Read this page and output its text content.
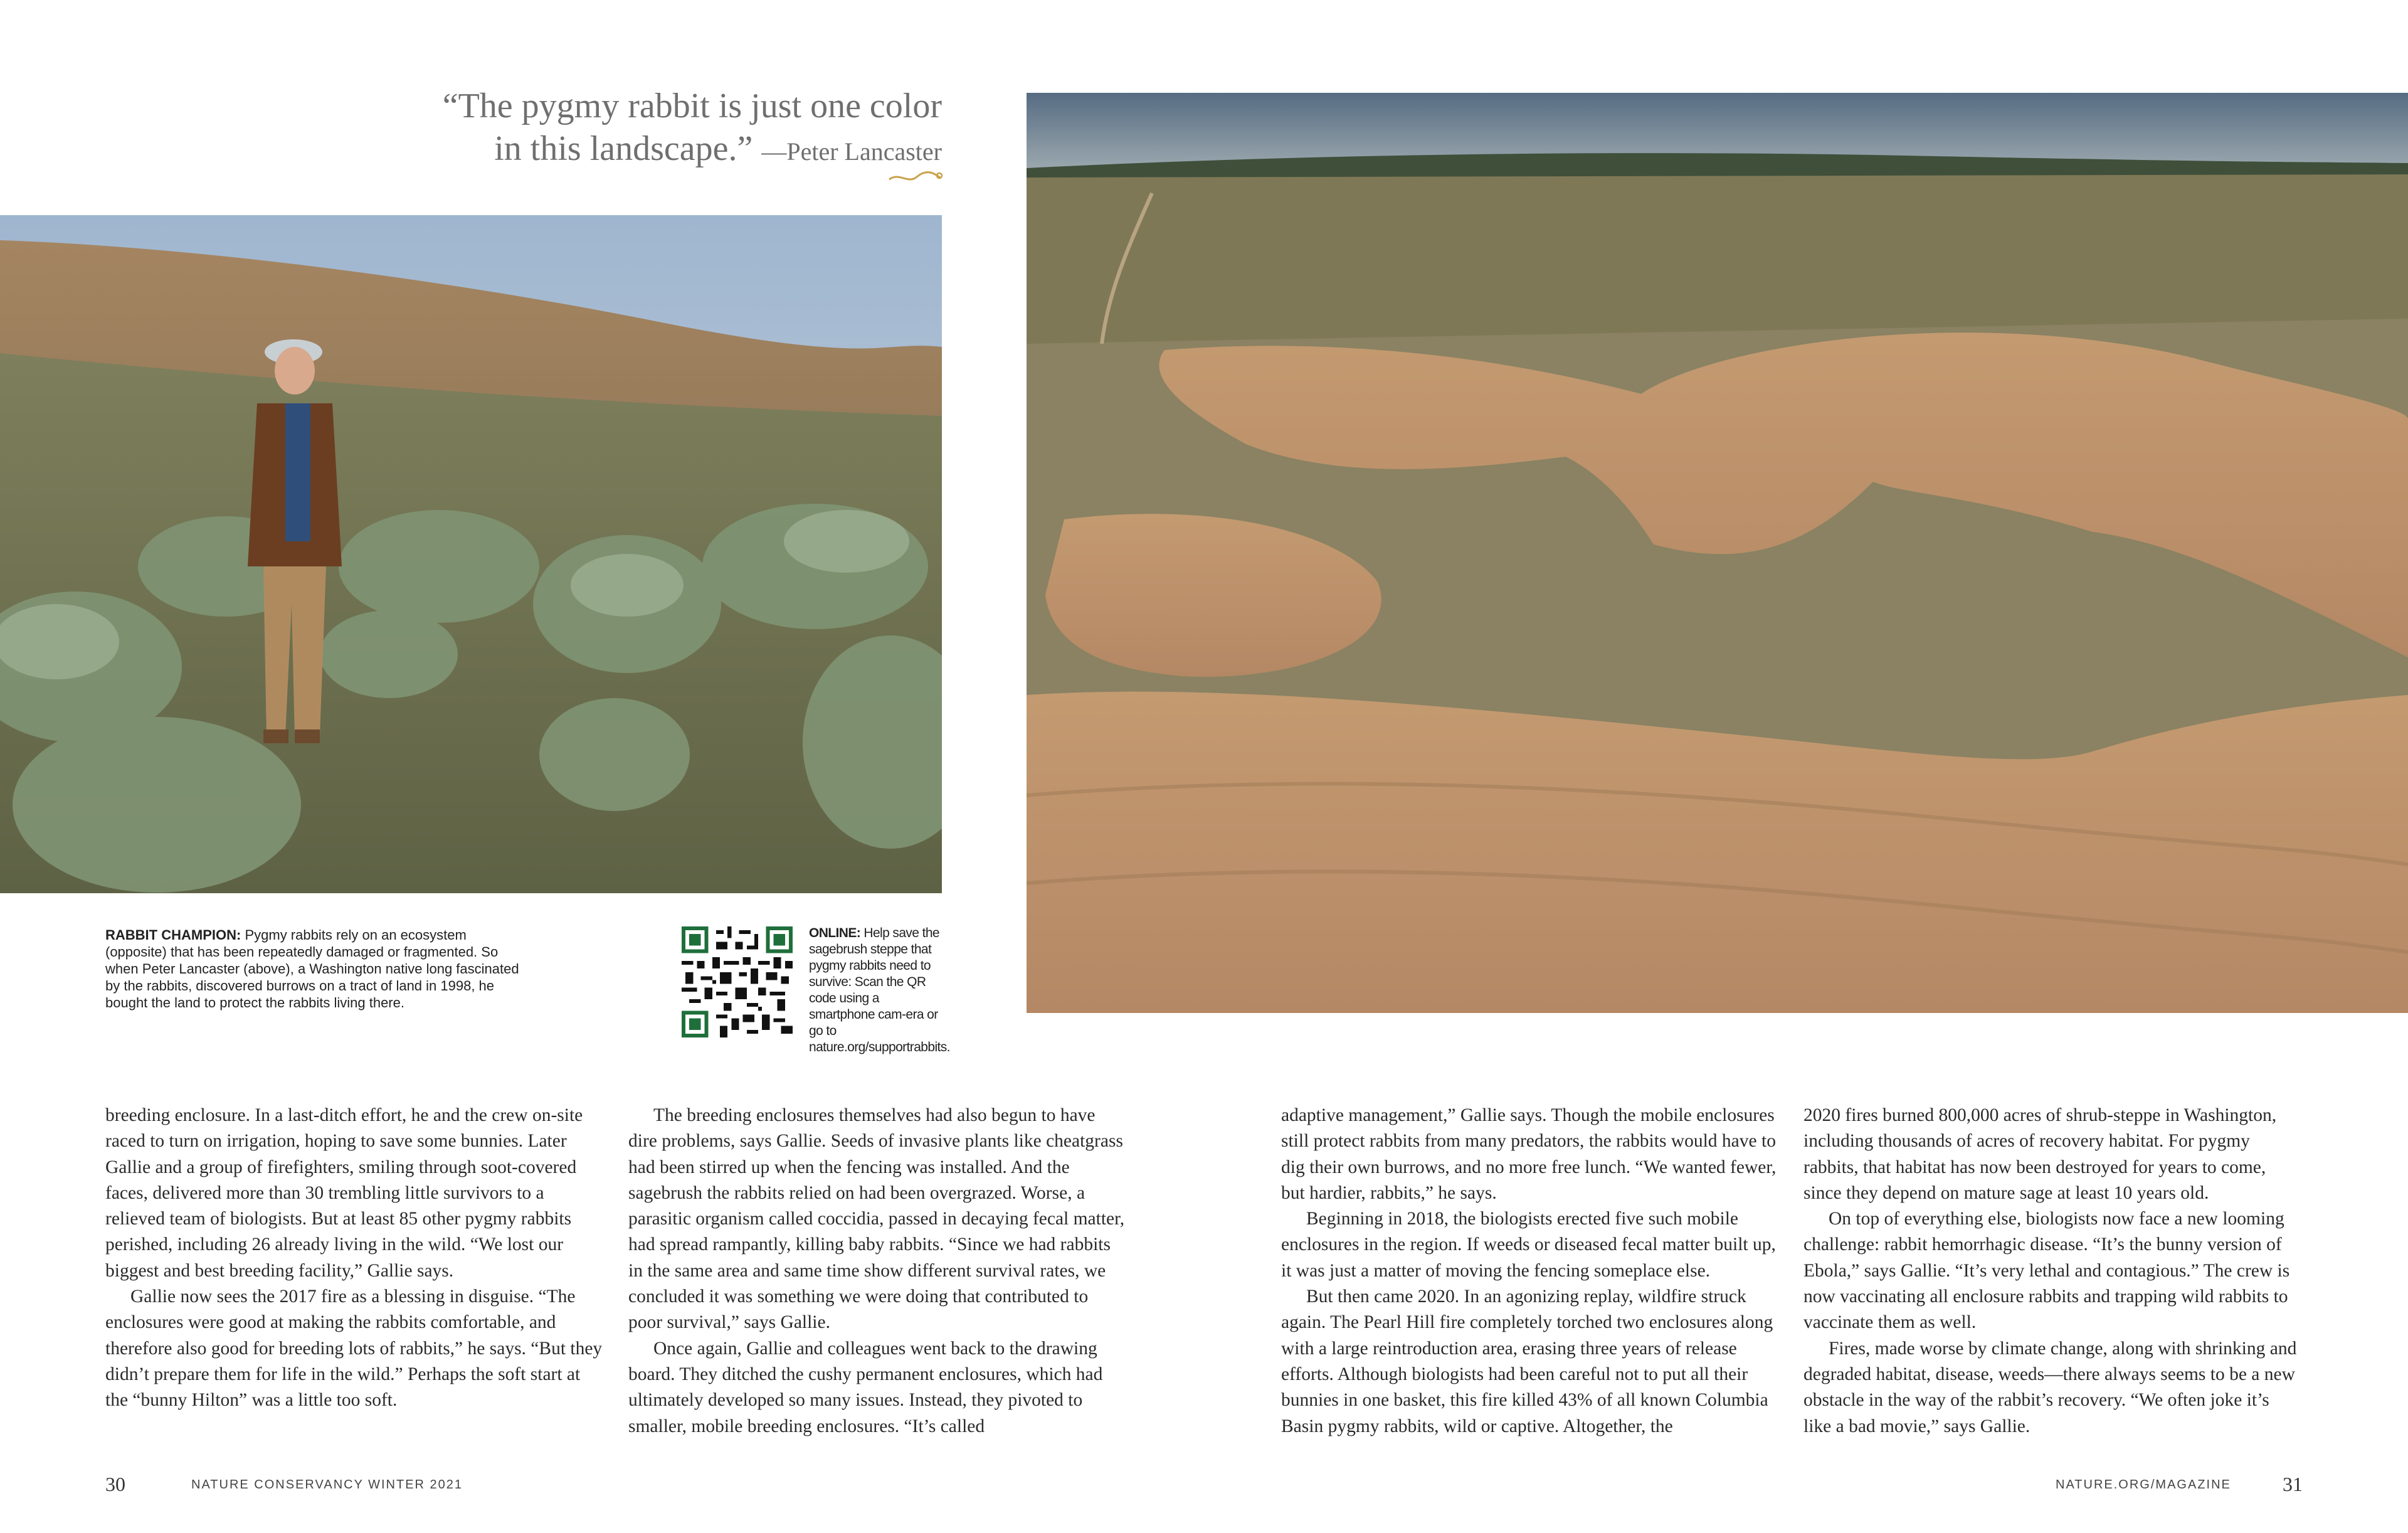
“The pygmy rabbit is just one color
in this landscape.” —Peter Lancaster
RABBIT CHAMPION: Pygmy rabbits rely on an ecosystem (opposite) that has been repeatedly damaged or fragmented. So when Peter Lancaster (above), a Washington native long fascinated by the rabbits, discovered burrows on a tract of land in 1998, he bought the land to protect the rabbits living there.
ONLINE: Help save the sagebrush steppe that pygmy rabbits need to survive: Scan the QR code using a smartphone cam-era or go to nature.org/supportrabbits.

breeding enclosure. In a last-ditch effort, he and the crew on-site raced to turn on irrigation, hoping to save some bunnies. Later Gallie and a group of firefighters, smiling through soot-covered faces, delivered more than 30 trembling little survivors to a relieved team of biologists. But at least 85 other pygmy rabbits perished, including 26 already living in the wild. “We lost our biggest and best breeding facility,” Gallie says.

Gallie now sees the 2017 fire as a blessing in disguise. “The enclosures were good at making the rabbits comfortable, and therefore also good for breeding lots of rabbits,” he says. “But they didn’t prepare them for life in the wild.” Perhaps the soft start at the “bunny Hilton” was a little too soft.

The breeding enclosures themselves had also begun to have dire problems, says Gallie. Seeds of invasive plants like cheatgrass had been stirred up when the fencing was installed. And the sagebrush the rabbits relied on had been overgrazed. Worse, a parasitic organism called coccidia, passed in decaying fecal matter, had spread rampantly, killing baby rabbits. “Since we had rabbits in the same area and same time show different survival rates, we concluded it was something we were doing that contributed to poor survival,” says Gallie.

Once again, Gallie and colleagues went back to the drawing board. They ditched the cushy permanent enclosures, which had ultimately developed so many issues. Instead, they pivoted to smaller, mobile breeding enclosures. “It’s called

adaptive management,” Gallie says. Though the mobile enclosures still protect rabbits from many predators, the rabbits would have to dig their own burrows, and no more free lunch. “We wanted fewer, but hardier, rabbits,” he says.

Beginning in 2018, the biologists erected five such mobile enclosures in the region. If weeds or diseased fecal matter built up, it was just a matter of moving the fencing someplace else.

But then came 2020. In an agonizing replay, wildfire struck again. The Pearl Hill fire completely torched two enclosures along with a large reintroduction area, erasing three years of release efforts. Although biologists had been careful not to put all their bunnies in one basket, this fire killed 43% of all known Columbia Basin pygmy rabbits, wild or captive. Altogether, the

2020 fires burned 800,000 acres of shrub-steppe in Washington, including thousands of acres of recovery habitat. For pygmy rabbits, that habitat has now been destroyed for years to come, since they depend on mature sage at least 10 years old.

On top of everything else, biologists now face a new looming challenge: rabbit hemorrhagic disease. “It’s the bunny version of Ebola,” says Gallie. “It’s very lethal and contagious.” The crew is now vaccinating all enclosure rabbits and trapping wild rabbits to vaccinate them as well.

Fires, made worse by climate change, along with shrinking and degraded habitat, disease, weeds—there always seems to be a new obstacle in the way of the rabbit’s recovery. “We often joke it’s like a bad movie,” says Gallie.

30	NATURE CONSERVANCY WINTER 2021	NATURE.ORG/MAGAZINE	31
